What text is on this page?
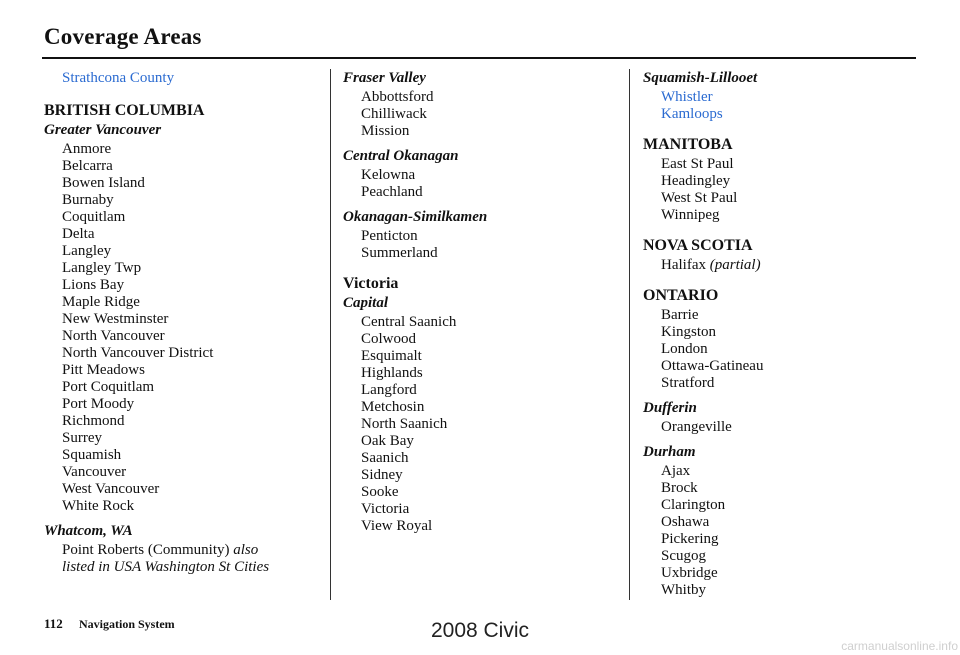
Coverage Areas
Strathcona County
BRITISH COLUMBIA
Greater Vancouver
Anmore
Belcarra
Bowen Island
Burnaby
Coquitlam
Delta
Langley
Langley Twp
Lions Bay
Maple Ridge
New Westminster
North Vancouver
North Vancouver District
Pitt Meadows
Port Coquitlam
Port Moody
Richmond
Surrey
Squamish
Vancouver
West Vancouver
White Rock
Whatcom, WA
Point Roberts (Community) also
listed in USA Washington St Cities
Fraser Valley
Abbottsford
Chilliwack
Mission
Central Okanagan
Kelowna
Peachland
Okanagan-Similkamen
Penticton
Summerland
Victoria
Capital
Central Saanich
Colwood
Esquimalt
Highlands
Langford
Metchosin
North Saanich
Oak Bay
Saanich
Sidney
Sooke
Victoria
View Royal
Squamish-Lillooet
Whistler
Kamloops
MANITOBA
East St Paul
Headingley
West St Paul
Winnipeg
NOVA SCOTIA
Halifax (partial)
ONTARIO
Barrie
Kingston
London
Ottawa-Gatineau
Stratford
Dufferin
Orangeville
Durham
Ajax
Brock
Clarington
Oshawa
Pickering
Scugog
Uxbridge
Whitby
112 Navigation System	2008 Civic
carmanualsonline.info
